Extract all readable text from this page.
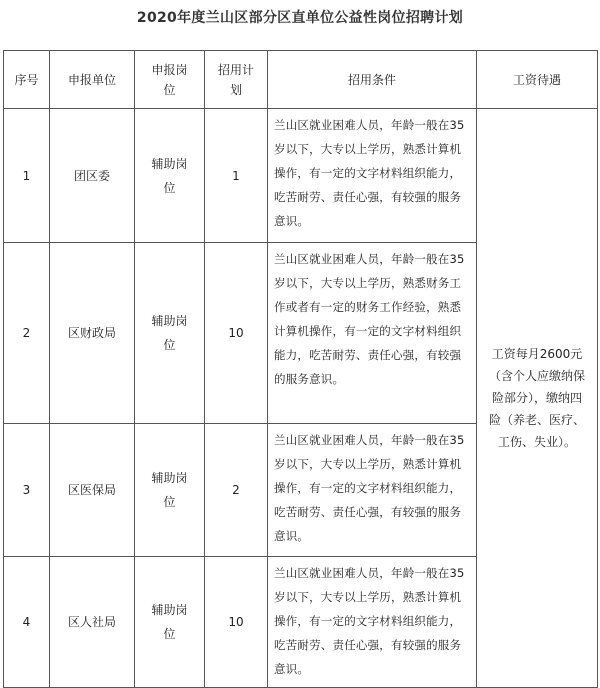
2020年度兰山区部分区直单位公益性岗位招聘计划
序号	申报单位	申报岗位	招用计划	招用条件	工资待遇
1	团区委	辅助岗位	1	兰山区就业困难人员，年龄一般在35岁以下，大专以上学历，熟悉计算机操作，有一定的文字材料组织能力，吃苦耐劳、责任心强，有较强的服务意识。	工资每月2600元（含个人应缴纳保险部分），缴纳四险（养老、医疗、工伤、失业）。
2	区财政局	辅助岗位	10	兰山区就业困难人员，年龄一般在35岁以下，大专以上学历，熟悉财务工作或者有一定的财务工作经验，熟悉计算机操作，有一定的文字材料组织能力，吃苦耐劳、责任心强，有较强的服务意识。	
3	区医保局	辅助岗位	2	兰山区就业困难人员，年龄一般在35岁以下，大专以上学历，熟悉计算机操作，有一定的文字材料组织能力，吃苦耐劳、责任心强，有较强的服务意识。	
4	区人社局	辅助岗位	10	兰山区就业困难人员，年龄一般在35岁以下，大专以上学历，熟悉计算机操作，有一定的文字材料组织能力，吃苦耐劳、责任心强，有较强的服务意识。	
